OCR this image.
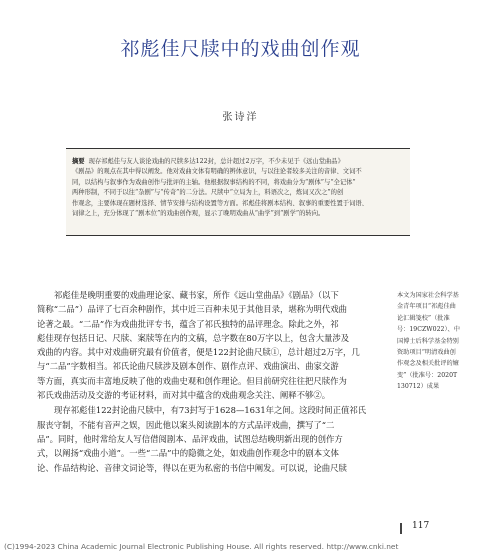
祁彪佳尺牍中的戏曲创作观
张诗洋
摘要 现存祁彪佳与友人谈论戏曲的尺牍多达122封，总计超过2万字，不少未见于《远山堂曲品》
《剧品》的观点在其中得以阐发。他对戏曲文体有明确的辨体意识，与以往论者较多关注的音律、文词不
同，以结构与叙事作为戏曲创作与批评的主轴。他根据叙事结构的不同，将戏曲分为“剧体”与“全记体”
两种形制，不同于以往“杂剧”与“传奇”的二分法。尺牍中“立局为上，料语次之，炼词又次之”的创
作观念，主要体现在题材选择、情节安排与结构设置等方面。祁彪佳将剧本结构、叙事的重要性置于词语、
词律之上，充分体现了“剧本位”的戏曲创作观，显示了晚明戏曲从“曲学”到“剧学”的转向。
祁彪佳是晚明重要的戏曲理论家、藏书家，所作《远山堂曲品》《剧品》（以下
简称“二品”）品评了七百余种剧作，其中近三百种未见于其他目录，堪称为明代戏曲
论著之最。“二品”作为戏曲批评专书，蕴含了祁氏独特的品评理念。除此之外，祁
彪佳现存包括日记、尺牍、案牍等在内的文稿，总字数在80万字以上，包含大量涉及
戏曲的内容。其中对戏曲研究最有价值者，便是122封论曲尺牍①，总计超过2万字，几
与“二品”字数相当。祁氏论曲尺牍涉及剧本创作、剧作点评、戏曲演出、曲家交游
等方面，真实而丰富地反映了他的戏曲史观和创作理论。但目前研究往往把尺牍作为
祁氏戏曲活动及交游的考证材料，而对其中蕴含的戏曲观念关注、阐释不够②。
现存祁彪佳122封论曲尺牍中，有73封写于1628—1631年之间。这段时间正值祁氏
服丧守制，不能有音声之娱，因此他以案头阅读剧本的方式品评戏曲，撰写了“二
品”。同时，他时常给友人写信借阅剧本、品评戏曲，试图总结晚明新出现的创作方
式，以阐扬“戏曲小道”。一些“二品”中的隐微之处，如戏曲创作观念中的剧本文体
论、作品结构论、音律文词论等，得以在更为私密的书信中阐发。可以说，论曲尺牍
本文为国家社会科学基
金青年项目“祁彪佳曲
论汇辑笺校”（批准
号：19CZW022）、中
国博士后科学基金特别
资助项目“明清戏曲创
作观念及相关批评的嬗
变”（批准号：2020T
130712）成果
117
(C)1994-2023 China Academic Journal Electronic Publishing House. All rights reserved. http://www.cnki.net
